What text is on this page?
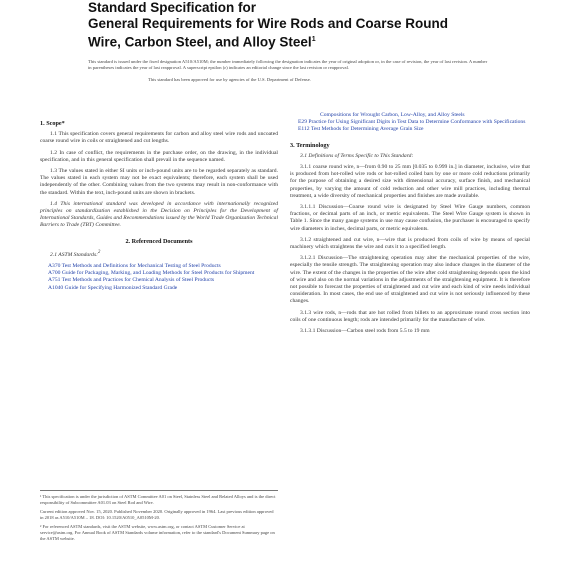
Standard Specification for
General Requirements for Wire Rods and Coarse Round
Wire, Carbon Steel, and Alloy Steel$^1$
This standard is issued under the fixed designation A510/A510M; the number immediately following the designation indicates the year of original adoption or, in the case of revision, the year of last revision. A number in parentheses indicates the year of last reapproval. A superscript epsilon (ε) indicates an editorial change since the last revision or reapproval.
This standard has been approved for use by agencies of the U.S. Department of Defense.
1. Scope*

1.1 This specification covers general requirements for carbon and alloy steel wire rods and uncoated coarse round wire in coils or straightened and cut lengths.

1.2 In case of conflict, the requirements in the purchase order, on the drawing, in the individual specification, and in this general specification shall prevail in the sequence named.

1.3 The values stated in either SI units or inch-pound units are to be regarded separately as standard. The values stated in each system may not be exact equivalents; therefore, each system shall be used independently of the other. Combining values from the two systems may result in non-conformance with the standard. Within the text, inch-pound units are shown in brackets.

1.4 This international standard was developed in accordance with internationally recognized principles on standardization established in the Decision on Principles for the Development of International Standards, Guides and Recommendations issued by the World Trade Organization Technical Barriers to Trade (TBT) Committee.

2. Referenced Documents

2.1 ASTM Standards:$^2$

A370 Test Methods and Definitions for Mechanical Testing of Steel Products

A700 Guide for Packaging, Marking, and Loading Methods for Steel Products for Shipment

A751 Test Methods and Practices for Chemical Analysis of Steel Products

A1040 Guide for Specifying Harmonized Standard Grade

¹ This specification is under the jurisdiction of ASTM Committee A01 on Steel, Stainless Steel and Related Alloys and is the direct responsibility of Subcommittee A01.03 on Steel Rod and Wire.

Current edition approved Nov. 15, 2020. Published November 2020. Originally approved in 1964. Last previous edition approved in 2018 as A510/A510M – 18. DOI: 10.1520/A0510_A0510M-20.

² For referenced ASTM standards, visit the ASTM website, www.astm.org, or contact ASTM Customer Service at service@astm.org. For Annual Book of ASTM Standards volume information, refer to the standard's Document Summary page on the ASTM website.

Compositions for Wrought Carbon, Low-Alloy, and Alloy Steels

E29 Practice for Using Significant Digits in Test Data to Determine Conformance with Specifications

E112 Test Methods for Determining Average Grain Size

3. Terminology

3.1 Definitions of Terms Specific to This Standard:

3.1.1 coarse round wire, n—from 0.90 to 25 mm [0.035 to 0.999 in.] in diameter, inclusive, wire that is produced from hot-rolled wire rods or hot-rolled coiled bars by one or more cold reductions primarily for the purpose of obtaining a desired size with dimensional accuracy, surface finish, and mechanical properties, by varying the amount of cold reduction and other wire mill practices, including thermal treatment, a wide diversity of mechanical properties and finishes are made available.

3.1.1.1 Discussion—Coarse round wire is designated by Steel Wire Gauge numbers, common fractions, or decimal parts of an inch, or metric equivalents. The Steel Wire Gauge system is shown in Table 1. Since the many gauge systems in use may cause confusion, the purchaser is encouraged to specify wire diameters in inches, decimal parts, or metric equivalents.

3.1.2 straightened and cut wire, n—wire that is produced from coils of wire by means of special machinery which straightens the wire and cuts it to a specified length.

3.1.2.1 Discussion—The straightening operation may alter the mechanical properties of the wire, especially the tensile strength. The straightening operation may also induce changes in the diameter of the wire. The extent of the changes in the properties of the wire after cold straightening depends upon the kind of wire and also on the normal variations in the adjustments of the straightening equipment. It is therefore not possible to forecast the properties of straightened and cut wire and each kind of wire needs individual consideration. In most cases, the end use of straightened and cut wire is not seriously influenced by these changes.

3.1.3 wire rods, n—rods that are hot rolled from billets to an approximate round cross section into coils of one continuous length; rods are intended primarily for the manufacture of wire.

3.1.3.1 Discussion—Carbon steel rods from 5.5 to 19 mm
